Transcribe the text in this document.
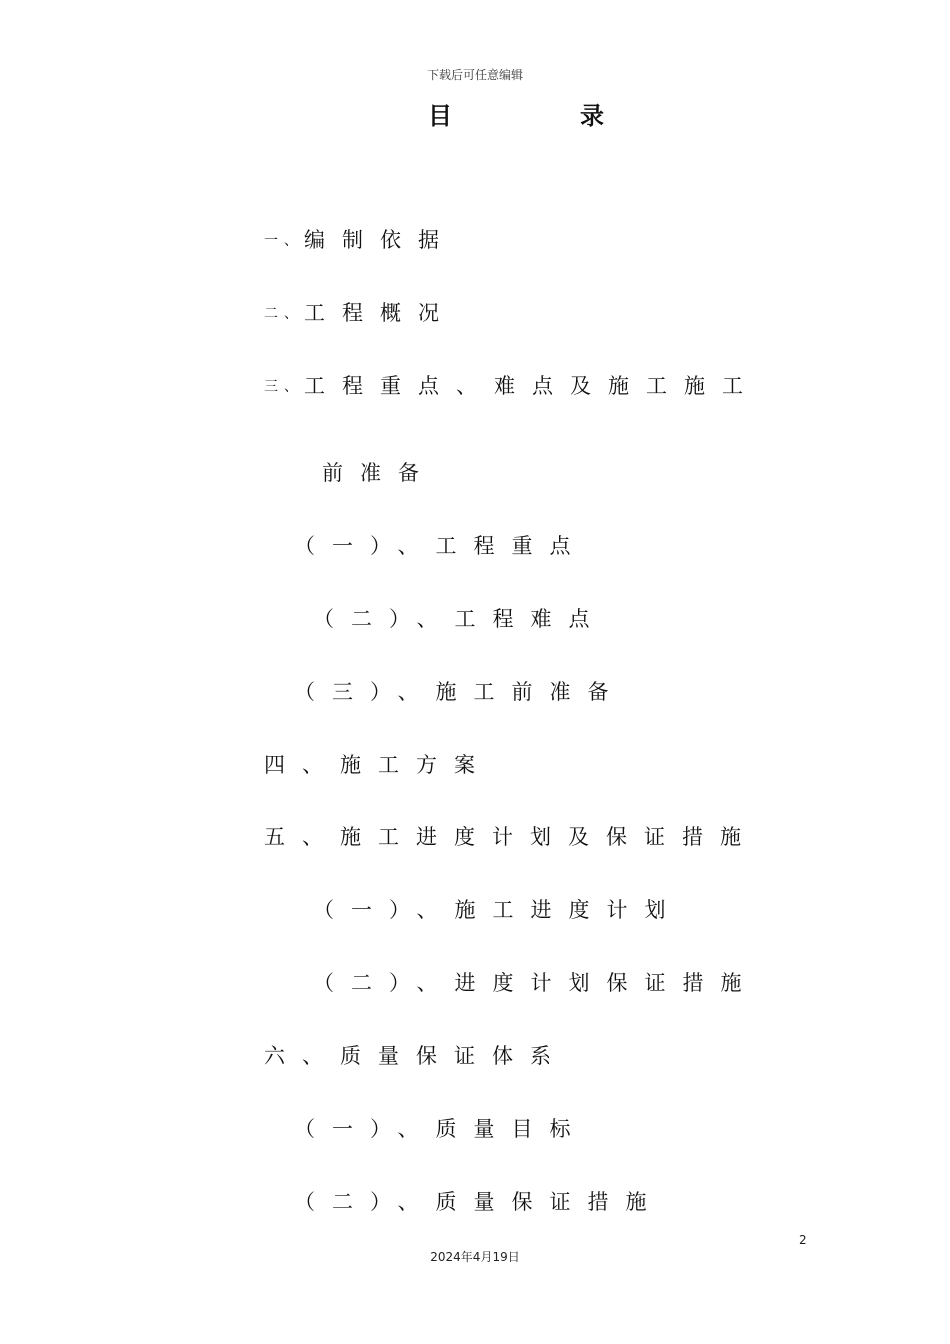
下载后可任意编辑
目	录
一、编制依据
二、工程概况
三、工程重点、难点及施工施工
前准备
（一）、工程重点
（二）、工程难点
（三）、施工前准备
四、施工方案
五、施工进度计划及保证措施
（一）、施工进度计划
（二）、进度计划保证措施
六、质量保证体系
（一）、质量目标
（二）、质量保证措施
2
2024年4月19日
